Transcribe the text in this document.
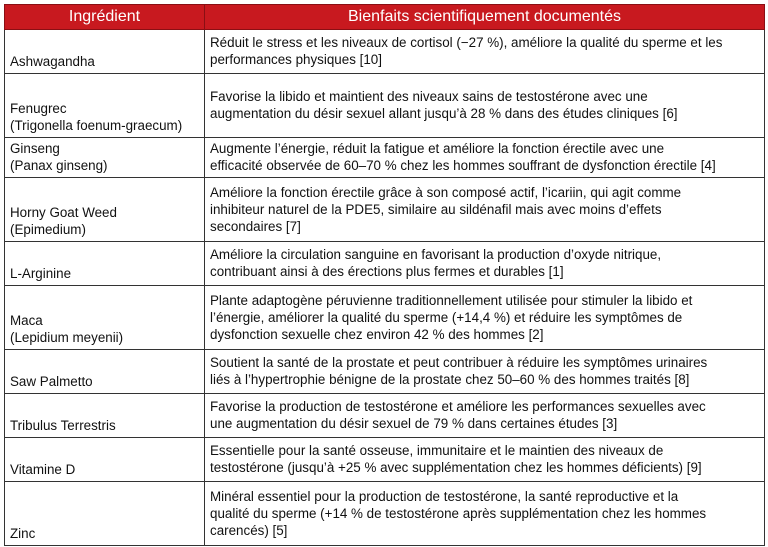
Ingrédient	Bienfaits scientifiquement documentés

Ashwagandha	Réduit le stress et les niveaux de cortisol (−27 %), améliore la qualité du sperme et les
performances physiques [10]

Fenugrec
(Trigonella foenum-graecum)	Favorise la libido et maintient des niveaux sains de testostérone avec une
augmentation du désir sexuel allant jusqu’à 28 % dans des études cliniques [6]

Ginseng
(Panax ginseng)	Augmente l’énergie, réduit la fatigue et améliore la fonction érectile avec une
efficacité observée de 60–70 % chez les hommes souffrant de dysfonction érectile [4]

Horny Goat Weed
(Epimedium)	Améliore la fonction érectile grâce à son composé actif, l’icariin, qui agit comme
inhibiteur naturel de la PDE5, similaire au sildénafil mais avec moins d’effets
secondaires [7]

L-Arginine	Améliore la circulation sanguine en favorisant la production d’oxyde nitrique,
contribuant ainsi à des érections plus fermes et durables [1]

Maca
(Lepidium meyenii)	Plante adaptogène péruvienne traditionnellement utilisée pour stimuler la libido et
l’énergie, améliorer la qualité du sperme (+14,4 %) et réduire les symptômes de
dysfonction sexuelle chez environ 42 % des hommes [2]

Saw Palmetto	Soutient la santé de la prostate et peut contribuer à réduire les symptômes urinaires
liés à l’hypertrophie bénigne de la prostate chez 50–60 % des hommes traités [8]

Tribulus Terrestris	Favorise la production de testostérone et améliore les performances sexuelles avec
une augmentation du désir sexuel de 79 % dans certaines études [3]

Vitamine D	Essentielle pour la santé osseuse, immunitaire et le maintien des niveaux de
testostérone (jusqu’à +25 % avec supplémentation chez les hommes déficients) [9]

Zinc	Minéral essentiel pour la production de testostérone, la santé reproductive et la
qualité du sperme (+14 % de testostérone après supplémentation chez les hommes
carencés) [5]
